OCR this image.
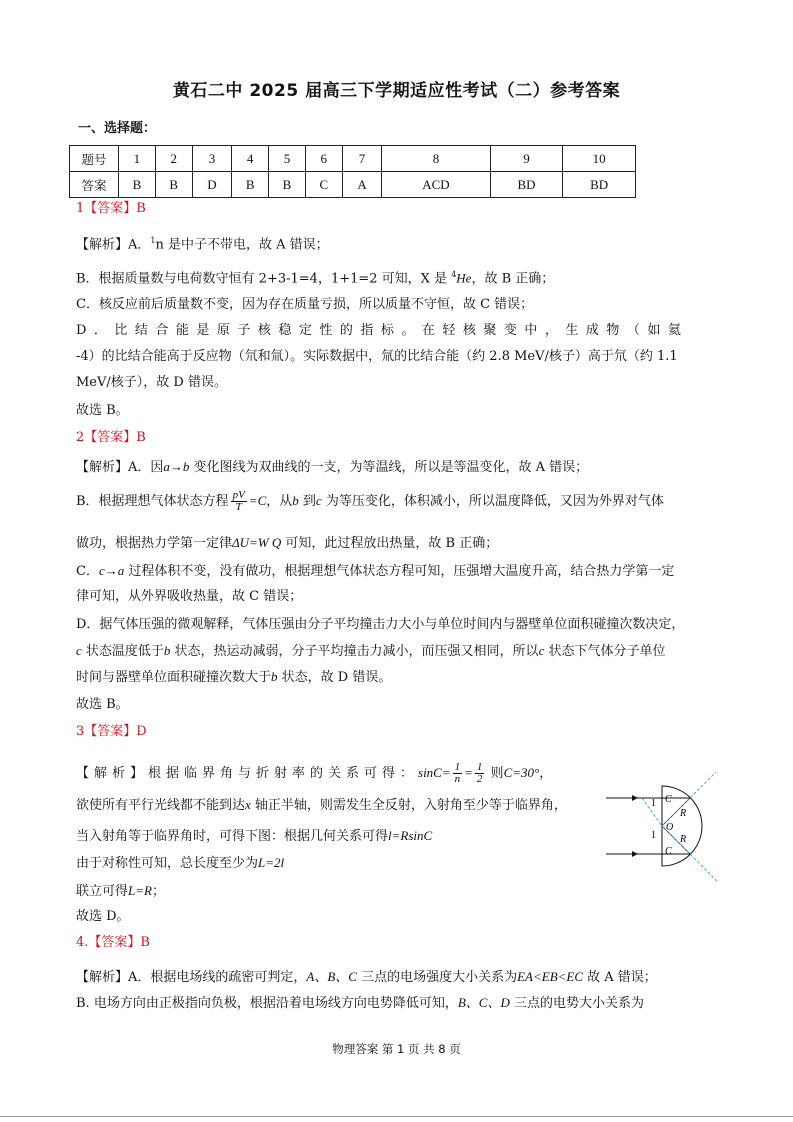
黄石二中 2025 届高三下学期适应性考试（二）参考答案
一、选择题：
题号	1	2	3	4	5	6	7	8	9	10
答案	B	B	D	B	B	C	A	ACD	BD	BD
1【答案】B
【解析】A．$^1$n 是中子不带电，故 A 错误；
B．根据质量数与电荷数守恒有 2+3-1=4，1+1=2 可知，X 是 $^4$He，故 B 正确；
C．核反应前后质量数不变，因为存在质量亏损，所以质量不守恒，故 C 错误；
D．比结合能是原子核稳定性的指标。在轻核聚变中，生成物（如氦
-4）的比结合能高于反应物（氘和氚）。实际数据中，氚的比结合能（约 2.8 MeV/核子）高于氘（约 1.1
MeV/核子），故 D 错误。
故选 B。
2【答案】B
【解析】A．因a→b 变化图线为双曲线的一支，为等温线，所以是等温变化，故 A 错误；
B．根据理想气体状态方程 $\frac{pV}{T} =C$，从b 到c 为等压变化，体积减小，所以温度降低，又因为外界对气体
做功，根据热力学第一定律ΔU=W Q 可知，此过程放出热量，故 B 正确；
C．c→a 过程体积不变，没有做功，根据理想气体状态方程可知，压强增大温度升高，结合热力学第一定
律可知，从外界吸收热量，故 C 错误；
D．据气体压强的微观解释，气体压强由分子平均撞击力大小与单位时间内与器壁单位面积碰撞次数决定，
c 状态温度低于b 状态，热运动减弱，分子平均撞击力减小，而压强又相同，所以c 状态下气体分子单位
时间与器壁单位面积碰撞次数大于b 状态，故 D 错误。
故选 B。
3【答案】D
【解析】根据临界角与折射率的关系可得：$\sin C= \frac{1}{n} = \frac{1}{2}$ 则C=30°，
欲使所有平行光线都不能到达x 轴正半轴，则需发生全反射，入射角至少等于临界角，
当入射角等于临界角时，可得下图：根据几何关系可得l=RsinC
由于对称性可知，总长度至少为L=2l
联立可得L=R；
故选 D。
C
R
O
R
C
1
1
4.【答案】B
【解析】A．根据电场线的疏密可判定，A、B、C 三点的电场强度大小关系为EA<EB<EC 故 A 错误；
B. 电场方向由正极指向负极，根据沿着电场线方向电势降低可知，B、C、D 三点的电势大小关系为
物理答案 第 1 页 共 8 页
